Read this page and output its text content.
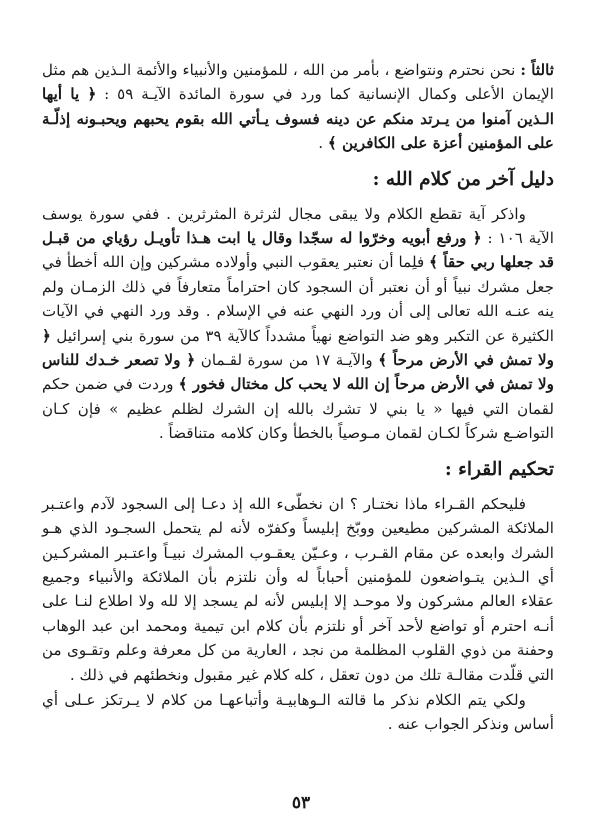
ثالثاً : نحن نحترم ونتواضع ، بأمر من الله ، للمؤمنين والأنبياء والأئمة الـذين هم مثل الإيمان الأعلى وكمال الإنسانية كما ورد في سورة المائدة الآيـة ٥٩ : ﴿ يا أيها الـذين آمنوا من يـرتد منكم عن دينه فسوف يـأتي الله بقوم يحبهم ويحبـونه إذلّـة على المؤمنين أعزة على الكافرين ﴾ .

دليل آخر من كلام الله :

واذكر آية تقطع الكلام ولا يبقى مجال لثرثرة المثرثرين . ففي سورة يوسف الآية ١٠٦ : ﴿ ورفع أبويه وخرّوا له سجّدا وقال يا ابت هـذا تأويـل رؤياي من قبـل قد جعلها ربي حقاً ﴾ فلِما أن نعتبر يعقوب النبي وأولاده مشركين وإن الله أخطأ في جعل مشرك نبياً أو أن نعتبر أن السجود كان احتراماً متعارفاً في ذلك الزمـان ولم ينه عنـه الله تعالى إلى أن ورد النهي عنه في الإسلام . وقد ورد النهي في الآيات الكثيرة عن التكبر وهو ضد التواضع نهياً مشدداً كالآية ٣٩ من سورة بني إسرائيل ﴿ ولا تمش في الأرض مرحاً ﴾ والآيـة ١٧ من سورة لقـمان ﴿ ولا تصعر خـدك للناس ولا تمش في الأرض مرحاً إن الله لا يحب كل مختال فخور ﴾ وردت في ضمن حكم لقمان التي فيها « يا بني لا تشرك بالله إن الشرك لظلم عظيم » فإن كـان التواضـع شركاً لكـان لقمان مـوصياً بالخطأ وكان كلامه متناقضاً .

تحكيم القراء :

فليحكم القـراء ماذا نختـار ؟ ان نخطّىء الله إذ دعـا إلى السجود لآدم واعتـبر الملائكة المشركين مطيعين ووبّخ إبليساً وكفرّه لأنه لم يتحمل السجـود الذي هـو الشرك وابعده عن مقام القـرب ، وعـيّن يعقـوب المشرك نبيـاً واعتـبر المشركـين أي الـذين يتـواضعون للمؤمنين أحباباً له وأن نلتزم بأن الملائكة والأنبياء وجميع عقلاء العالم مشركون ولا موحـد إلا إبليس لأنه لم يسجد إلا لله ولا اطلاع لنـا على أنـه احترم أو تواضع لأحد آخر أو نلتزم بأن كلام ابن تيمية ومحمد ابن عبد الوهاب وحفنة من ذوي القلوب المظلمة من نجد ، العارية من كل معرفة وعلم وتقـوى من التي قلّدت مقالـة تلك من دون تعقل ، كله كلام غير مقبول ونخطئهم في ذلك .

ولكي يتم الكلام نذكر ما قالته الـوهابيـة وأتباعهـا من كلام لا يـرتكز عـلى أي أساس ونذكر الجواب عنه .

٥٣
